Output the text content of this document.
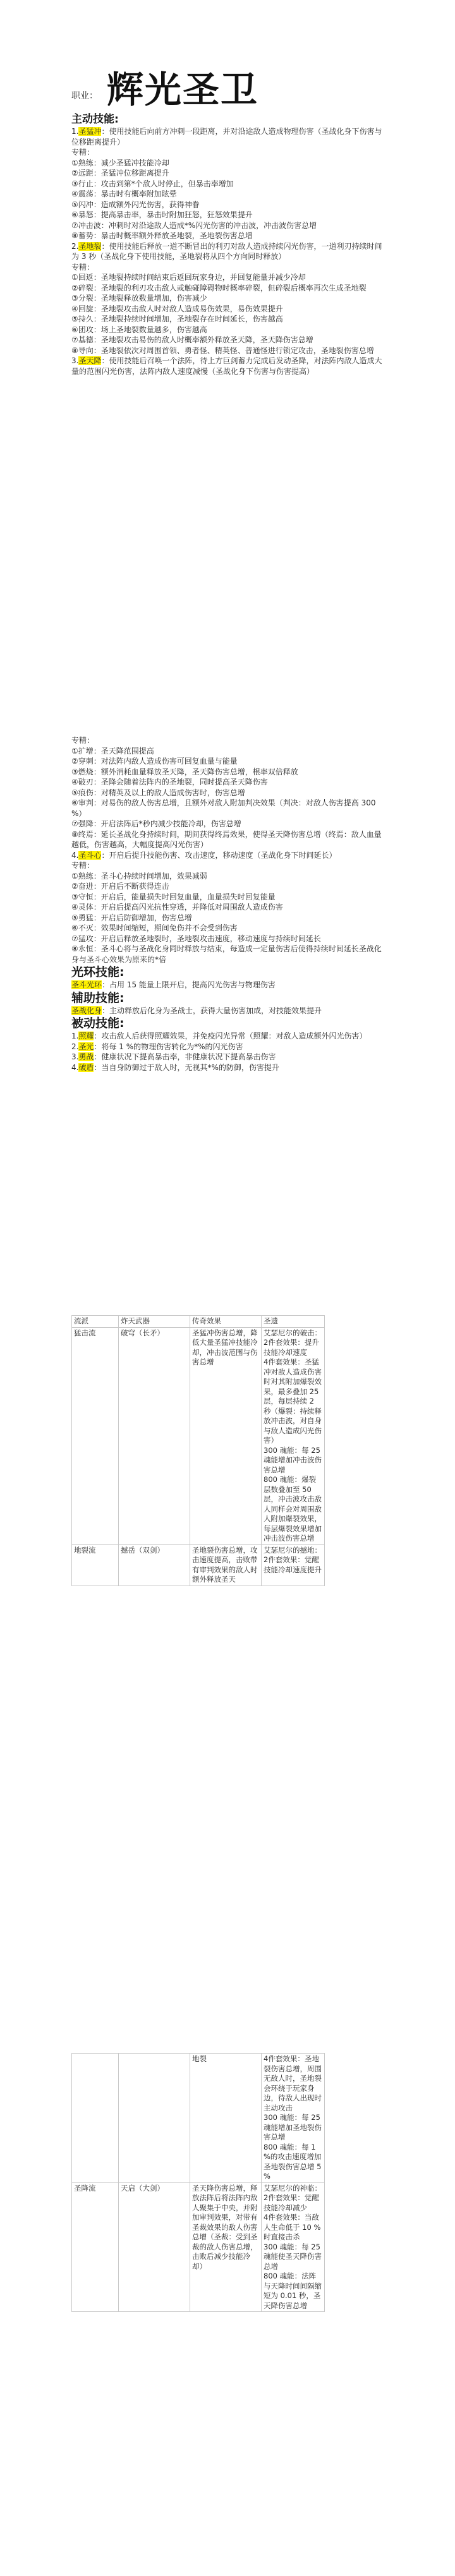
职业： 辉光圣卫

主动技能:

1.圣猛冲：使用技能后向前方冲刺一段距离，并对沿途敌人造成物理伤害（圣战化身下伤害与位移距离提升）

专精：

①熟练：减少圣猛冲技能冷却

②远距：圣猛冲位移距离提升

③行止：攻击到第*个敌人时停止，但暴击率增加

④震荡：暴击时有概率附加眩晕

⑤闪冲：造成额外闪光伤害，获得神眷

⑥暴怒：提高暴击率，暴击时附加狂怒，狂怒效果提升

⑦冲击波：冲刺时对沿途敌人造成*%闪光伤害的冲击波，冲击波伤害总增

⑧蓄势：暴击时概率额外释放圣地裂，圣地裂伤害总增

2.圣地裂：使用技能后释放一道不断冒出的利刃对敌人造成持续闪光伤害，一道利刃持续时间为 3 秒（圣战化身下使用技能，圣地裂将从四个方向同时释放）

专精：

①回返：圣地裂持续时间结束后返回玩家身边，并回复能量并减少冷却

②碎裂：圣地裂的利刃攻击敌人或触碰障碍物时概率碎裂，但碎裂后概率再次生成圣地裂

③分裂：圣地裂释放数量增加，伤害减少

④回旋：圣地裂攻击敌人时对敌人造成易伤效果，易伤效果提升

⑤持久：圣地裂持续时间增加，圣地裂存在时间延长，伤害越高

⑥团攻：场上圣地裂数量越多，伤害越高

⑦基德：圣地裂攻击易伤的敌人时概率额外释放圣天降，圣天降伤害总增

⑧导向：圣地裂依次对周围首领、勇者怪、精英怪、普通怪进行锁定攻击，圣地裂伤害总增

3.圣天降：使用技能后召唤一个法阵，待上方巨剑蓄力完成后发动圣降，对法阵内敌人造成大量的范围闪光伤害，法阵内敌人速度减慢（圣战化身下伤害与伤害提高）

专精：

①扩增：圣天降范围提高

②穿刺：对法阵内敌人造成伤害可回复血量与能量

③燃烧：额外消耗血量释放圣天降，圣天降伤害总增，根率双倍释放

④破刃：圣降会随着法阵内的圣地裂，同时提高圣天降伤害

⑤痕伤：对精英及以上的敌人造成伤害时，伤害总增

⑥审判：对易伤的敌人伤害总增，且额外对敌人附加判决效果（判决：对敌人伤害提高 300 %）

⑦强降：开启法阵后*秒内减少技能冷却，伤害总增

⑧终焉：延长圣战化身持续时间，期间获得终焉效果，使得圣天降伤害总增（终焉：敌人血量越低，伤害越高，大幅度提高闪光伤害）

4.圣斗心：开启后提升技能伤害、攻击速度，移动速度（圣战化身下时间延长）

专精：

①熟练：圣斗心持续时间增加，效果减弱

②奋进：开启后不断获得连击

③守恒：开启后，能量损失时回复血量，血量损失时回复能量

④灵体：开启后提高闪光抗性穿透，并降低对周围敌人造成伤害

⑤勇猛：开启后防御增加，伤害总增

⑥不灭：效果时间缩短，期间免伤并不会受到伤害

⑦猛攻：开启后释放圣地裂时，圣地裂攻击速度，移动速度与持续时间延长

⑧永恒：圣斗心将与圣战化身同时释放与结束，每造成一定量伤害后使得持续时间延长圣战化身与圣斗心效果为原来的*倍

光环技能:

圣斗光环：占用 15 能量上限开启，提高闪光伤害与物理伤害

辅助技能:

圣战化身：主动释放后化身为圣战士，获得大量伤害加成，对技能效果提升

被动技能:

1.照耀：攻击敌人后获得照耀效果，并免疫闪光异常（照耀：对敌人造成额外闪光伤害）

2.圣光：将每 1 %的物理伤害转化为*%的闪光伤害

3.勇战：健康状况下提高暴击率，非健康状况下提高暴击伤害

4.破盾：当自身防御过于敌人时，无视其*%的防御，伤害提升

流派	炸天武器	传奇效果	圣遗
猛击流	破穹（长矛）	圣猛冲伤害总增，降低大量圣猛冲技能冷却，冲击波范围与伤害总增	艾瑟尼尔的破击：
2件套效果：提升技能冷却速度
4件套效果：圣猛冲对敌人造成伤害时对其附加爆裂效果，最多叠加 25 层，每层持续 2 秒（爆裂：持续释放冲击波，对自身与敌人造成闪光伤害）
300 魂能：每 25 魂能增加冲击波伤害总增
800 魂能：爆裂层数叠加至 50 层，冲击波攻击敌人同样会对周围敌人附加爆裂效果，每层爆裂效果增加冲击波伤害总增
地裂流	撼岳（双剑）	圣地裂伤害总增，攻击速度提高，击败带有审判效果的敌人时额外释放圣天	艾瑟尼尔的撼地：
2件套效果：觉醒技能冷却速度提升
		地裂	4件套效果：圣地裂伤害总增，周围无敌人时，圣地裂会环绕于玩家身边，待敌人出现时主动攻击
300 魂能：每 25 魂能增加圣地裂伤害总增
800 魂能：每 1 %的攻击速度增加圣地裂伤害总增 5 %
圣降流	天启（大剑）	圣天降伤害总增，释放法阵后将法阵内敌人聚集于中央，并附加审判效果，对带有圣裁效果的敌人伤害总增（圣裁：受到圣裁的敌人伤害总增，击败后减少技能冷却）	艾瑟尼尔的神临：
2件套效果：觉醒技能冷却减少
4件套效果：当敌人生命低于 10 %时直接击杀
300 魂能：每 25 魂能使圣天降伤害总增
800 魂能：法阵与天降时间间隔缩短为 0.01 秒，圣天降伤害总增
